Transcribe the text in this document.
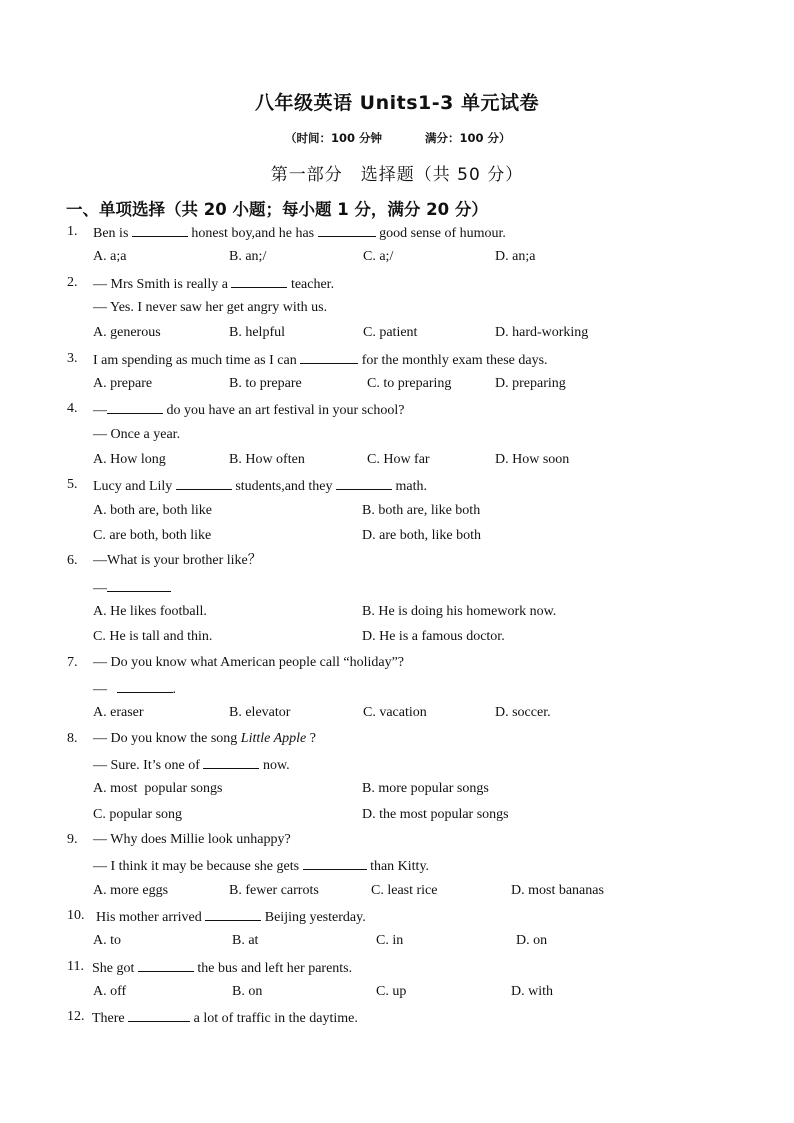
八年级英语 Units1-3 单元试卷
（时间：100 分钟	满分：100 分）
第一部分　选择题（共 50 分）
一、单项选择（共 20 小题；每小题 1 分，满分 20 分）
1. Ben is	honest boy,and he has	good sense of humour.
A. a;a	B. an;/	C. a;/	D. an;a
2. — Mrs Smith is really a	teacher.
— Yes. I never saw her get angry with us.
A. generous	B. helpful	C. patient	D. hard-working
3. I am spending as much time as I can	for the monthly exam these days.
A. prepare	B. to prepare	C. to preparing	D. preparing
4. —	do you have an art festival in your school?
— Once a year.
A. How long	B. How often	C. How far	D. How soon
5. Lucy and Lily	students,and they	math.
A. both are, both like	B. both are, like both
C. are both, both like	D. are both, like both
6. —What is your brother like？
—
A. He likes football.	B. He is doing his homework now.
C. He is tall and thin.	D. He is a famous doctor.
7. — Do you know what American people call “holiday”?
—	.
A. eraser	B. elevator	C. vacation	D. soccer.
8. — Do you know the song Little Apple ?
— Sure. It’s one of	now.
A. most  popular songs	B. more popular songs
C. popular song	D. the most popular songs
9. — Why does Millie look unhappy?
— I think it may be because she gets	than Kitty.
A. more eggs	B. fewer carrots	C. least rice	D. most bananas
10. His mother arrived	Beijing yesterday.
A. to	B. at	C. in	D. on
11. She got	the bus and left her parents.
A. off	B. on	C. up	D. with
12. There	a lot of traffic in the daytime.
